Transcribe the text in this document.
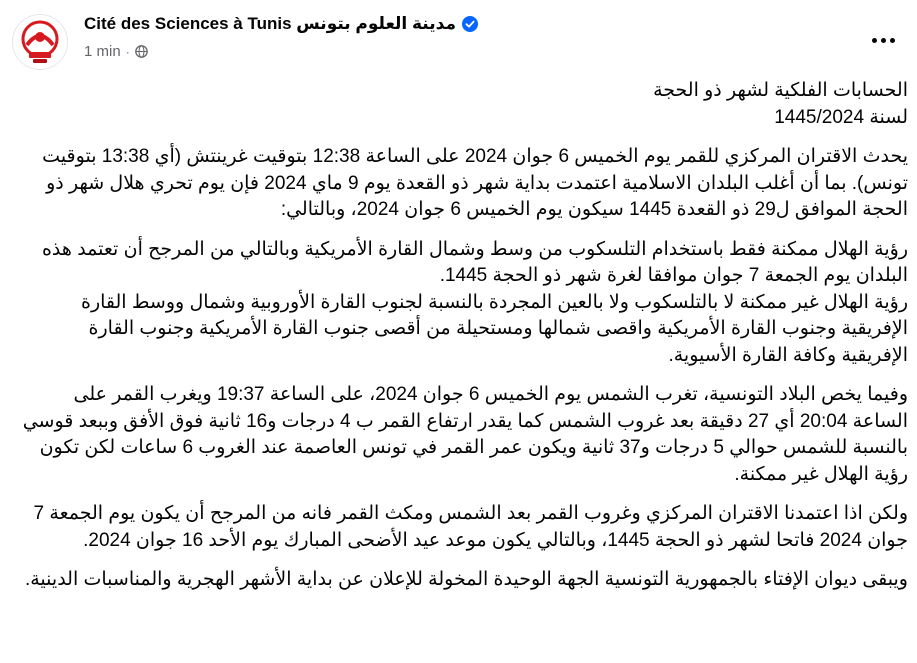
Cité des Sciences à Tunis مدينة العلوم بتونس
1 min ·

الحسابات الفلكية لشهر ذو الحجة

لسنة 1445/2024

يحدث الاقتران المركزي للقمر يوم الخميس 6 جوان 2024 على الساعة 12:38 بتوقيت غرينتش (أي 13:38 بتوقيت تونس). بما أن أغلب البلدان الاسلامية اعتمدت بداية شهر ذو القعدة يوم 9 ماي 2024 فإن يوم تحري هلال شهر ذو الحجة الموافق ل29 ذو القعدة 1445 سيكون يوم الخميس 6 جوان 2024، وبالتالي:

رؤية الهلال ممكنة فقط باستخدام التلسكوب من وسط وشمال القارة الأمريكية وبالتالي من المرجح أن تعتمد هذه البلدان يوم الجمعة 7 جوان موافقا لغرة شهر ذو الحجة 1445.

رؤية الهلال غير ممكنة لا بالتلسكوب ولا بالعين المجردة بالنسبة لجنوب القارة الأوروبية وشمال ووسط القارة الإفريقية وجنوب القارة الأمريكية واقصى شمالها ومستحيلة من أقصى جنوب القارة الأمريكية وجنوب القارة الإفريقية وكافة القارة الأسيوية.

وفيما يخص البلاد التونسية، تغرب الشمس يوم الخميس 6 جوان 2024، على الساعة 19:37 ويغرب القمر على الساعة 20:04 أي 27 دقيقة بعد غروب الشمس كما يقدر ارتفاع القمر ب 4 درجات و16 ثانية فوق الأفق وببعد قوسي بالنسبة للشمس حوالي 5 درجات و37 ثانية ويكون عمر القمر في تونس العاصمة عند الغروب 6 ساعات لكن تكون رؤية الهلال غير ممكنة.

ولكن اذا اعتمدنا الاقتران المركزي وغروب القمر بعد الشمس ومكث القمر فانه من المرجح أن يكون يوم الجمعة 7 جوان 2024 فاتحا لشهر ذو الحجة 1445، وبالتالي يكون موعد عيد الأضحى المبارك يوم الأحد 16 جوان 2024.

ويبقى ديوان الإفتاء بالجمهورية التونسية الجهة الوحيدة المخولة للإعلان عن بداية الأشهر الهجرية والمناسبات الدينية.
